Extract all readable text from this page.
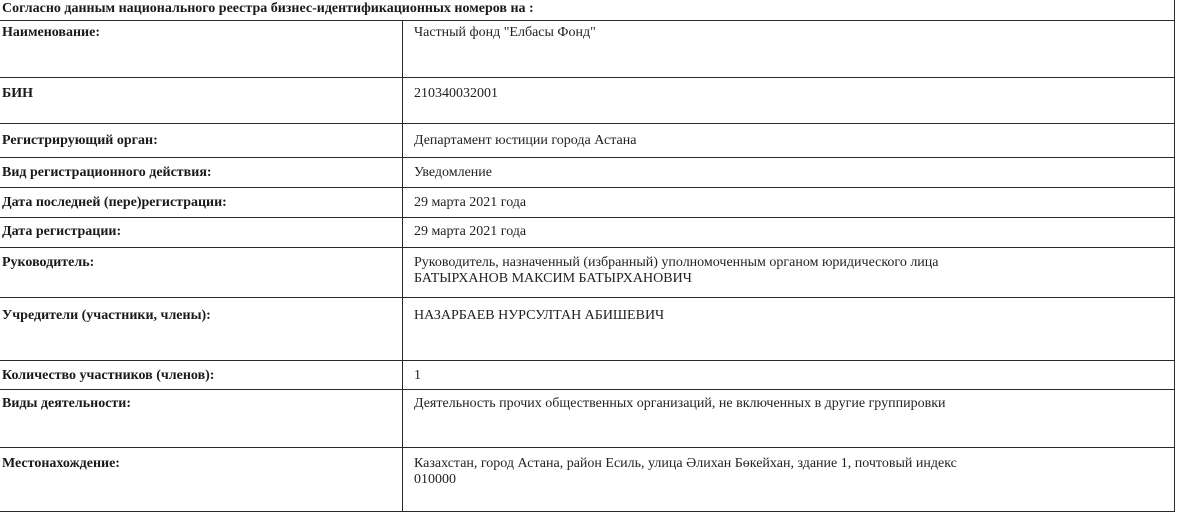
Согласно данным национального реестра бизнес-идентификационных номеров на :	
Наименование:	Частный фонд "Елбасы Фонд"
БИН	210340032001
Регистрирующий орган:	Департамент юстиции города Астана
Вид регистрационного действия:	Уведомление
Дата последней (пере)регистрации:	29 марта 2021 года
Дата регистрации:	29 марта 2021 года
Руководитель:	Руководитель, назначенный (избранный) уполномоченным органом юридического лица
БАТЫРХАНОВ МАКСИМ БАТЫРХАНОВИЧ

Учредители (участники, члены):	НАЗАРБАЕВ НУРСУЛТАН АБИШЕВИЧ
Количество участников (членов):	1
Виды деятельности:	Деятельность прочих общественных организаций, не включенных в другие группировки
Местонахождение:	Казахстан, город Астана, район Есиль, улица Әлихан Бөкейхан, здание 1, почтовый индекс
010000
